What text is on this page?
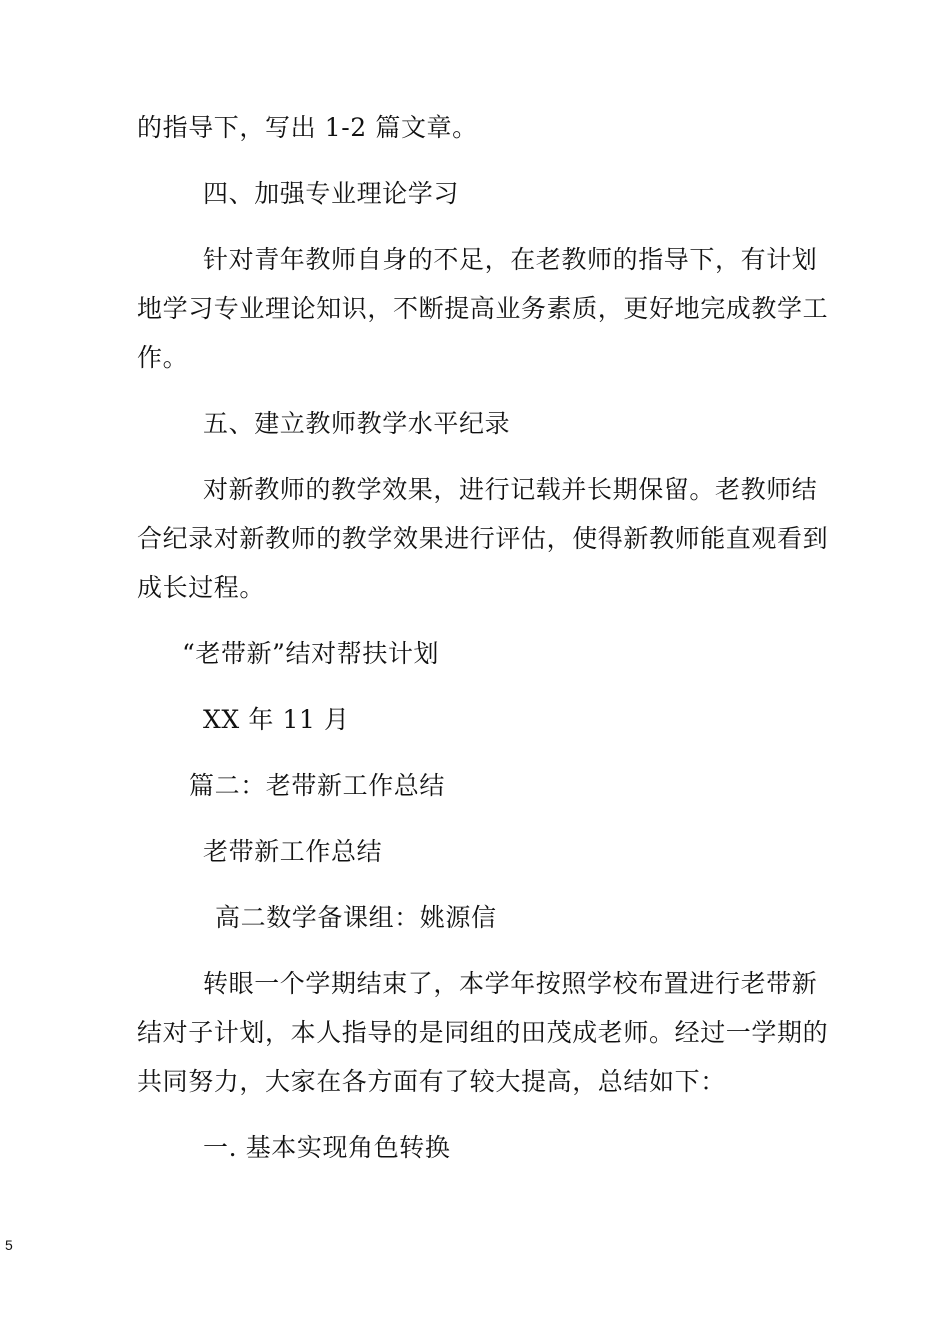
的指导下，写出 1-2 篇文章。
四、加强专业理论学习
针对青年教师自身的不足，在老教师的指导下，有计划
地学习专业理论知识，不断提高业务素质，更好地完成教学工
作。
五、建立教师教学水平纪录
对新教师的教学效果，进行记载并长期保留。老教师结
合纪录对新教师的教学效果进行评估，使得新教师能直观看到
成长过程。
“老带新”结对帮扶计划
XX 年 11 月
篇二：老带新工作总结
老带新工作总结
高二数学备课组：姚源信
转眼一个学期结束了，本学年按照学校布置进行老带新
结对子计划，本人指导的是同组的田茂成老师。经过一学期的
共同努力，大家在各方面有了较大提高，总结如下：
一. 基本实现角色转换
5
